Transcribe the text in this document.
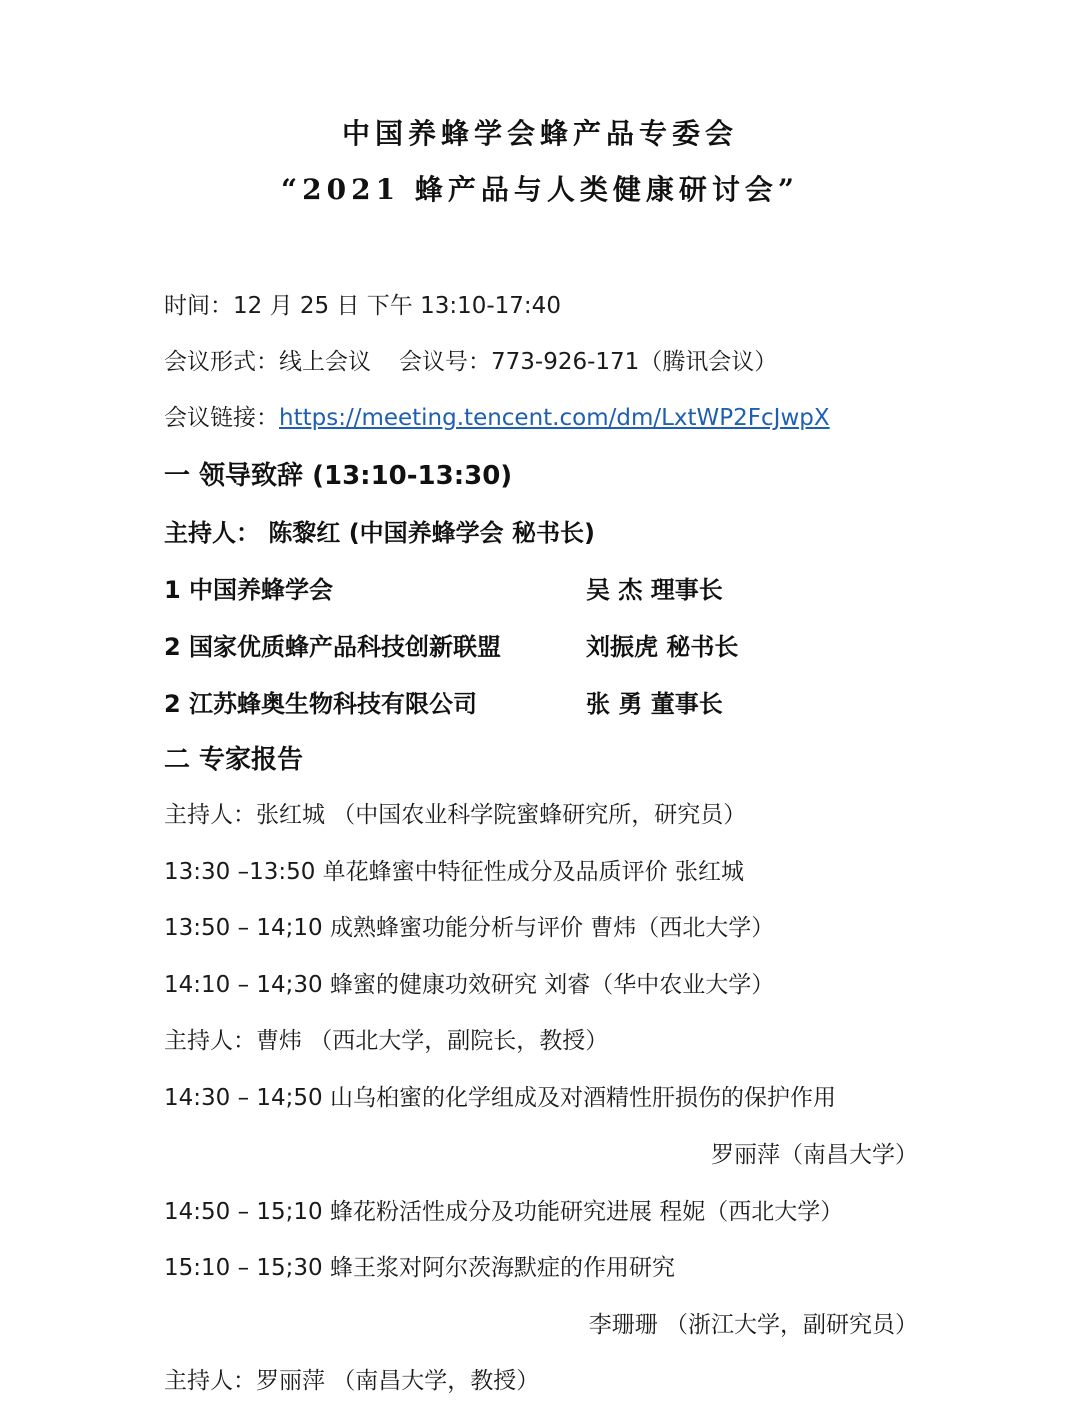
中国养蜂学会蜂产品专委会
“2021 蜂产品与人类健康研讨会”
时间：12 月 25 日 下午 13:10-17:40
会议形式：线上会议 会议号：773-926-171（腾讯会议）
会议链接：https://meeting.tencent.com/dm/LxtWP2FcJwpX
一 领导致辞 (13:10-13:30)
主持人： 陈黎红 (中国养蜂学会 秘书长)
1 中国养蜂学会	吴 杰 理事长
2 国家优质蜂产品科技创新联盟	刘振虎 秘书长
2 江苏蜂奥生物科技有限公司	张 勇 董事长
二 专家报告
主持人：张红城 （中国农业科学院蜜蜂研究所，研究员）
13:30 –13:50 单花蜂蜜中特征性成分及品质评价 张红城
13:50 – 14;10 成熟蜂蜜功能分析与评价 曹炜（西北大学）
14:10 – 14;30 蜂蜜的健康功效研究 刘睿（华中农业大学）
主持人：曹炜 （西北大学，副院长，教授）
14:30 – 14;50 山乌桕蜜的化学组成及对酒精性肝损伤的保护作用
罗丽萍（南昌大学）
14:50 – 15;10 蜂花粉活性成分及功能研究进展 程妮（西北大学）
15:10 – 15;30 蜂王浆对阿尔茨海默症的作用研究
李珊珊 （浙江大学，副研究员）
主持人：罗丽萍 （南昌大学，教授）
